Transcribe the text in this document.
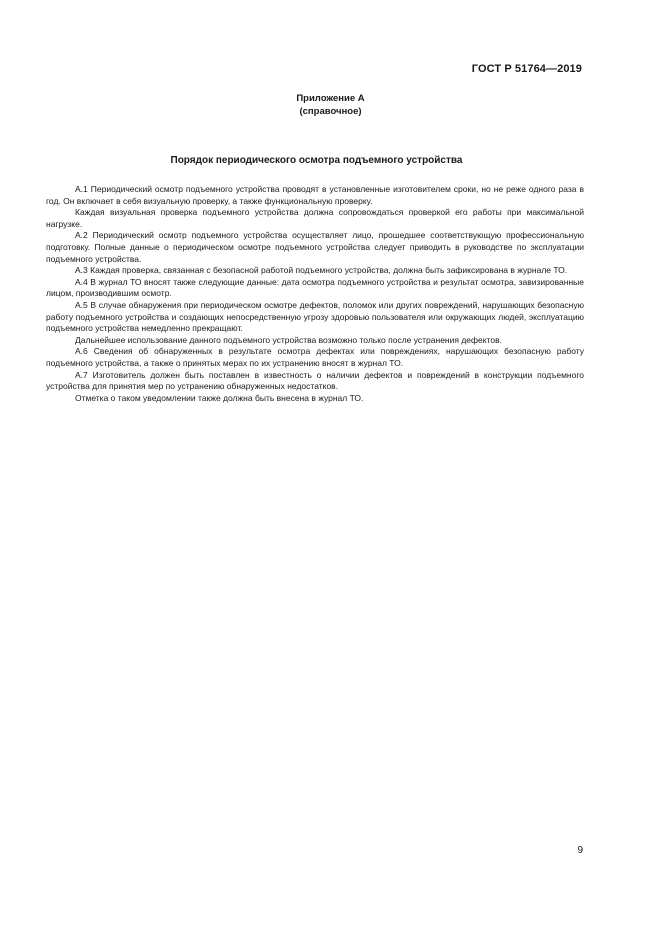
ГОСТ Р 51764—2019
Приложение А
(справочное)
Порядок периодического осмотра подъемного устройства

А.1 Периодический осмотр подъемного устройства проводят в установленные изготовителем сроки, но не реже одного раза в год. Он включает в себя визуальную проверку, а также функциональную проверку.

Каждая визуальная проверка подъемного устройства должна сопровождаться проверкой его работы при максимальной нагрузке.

А.2 Периодический осмотр подъемного устройства осуществляет лицо, прошедшее соответствующую профессиональную подготовку. Полные данные о периодическом осмотре подъемного устройства следует приводить в руководстве по эксплуатации подъемного устройства.

А.3 Каждая проверка, связанная с безопасной работой подъемного устройства, должна быть зафиксирована в журнале ТО.

А.4 В журнал ТО вносят также следующие данные: дата осмотра подъемного устройства и результат осмотра, завизированные лицом, производившим осмотр.

А.5 В случае обнаружения при периодическом осмотре дефектов, поломок или других повреждений, нарушающих безопасную работу подъемного устройства и создающих непосредственную угрозу здоровью пользователя или окружающих людей, эксплуатацию подъемного устройства немедленно прекращают.

Дальнейшее использование данного подъемного устройства возможно только после устранения дефектов.

А.6 Сведения об обнаруженных в результате осмотра дефектах или повреждениях, нарушающих безопасную работу подъемного устройства, а также о принятых мерах по их устранению вносят в журнал ТО.

А.7 Изготовитель должен быть поставлен в известность о наличии дефектов и повреждений в конструкции подъемного устройства для принятия мер по устранению обнаруженных недостатков.

Отметка о таком уведомлении также должна быть внесена в журнал ТО.

9
